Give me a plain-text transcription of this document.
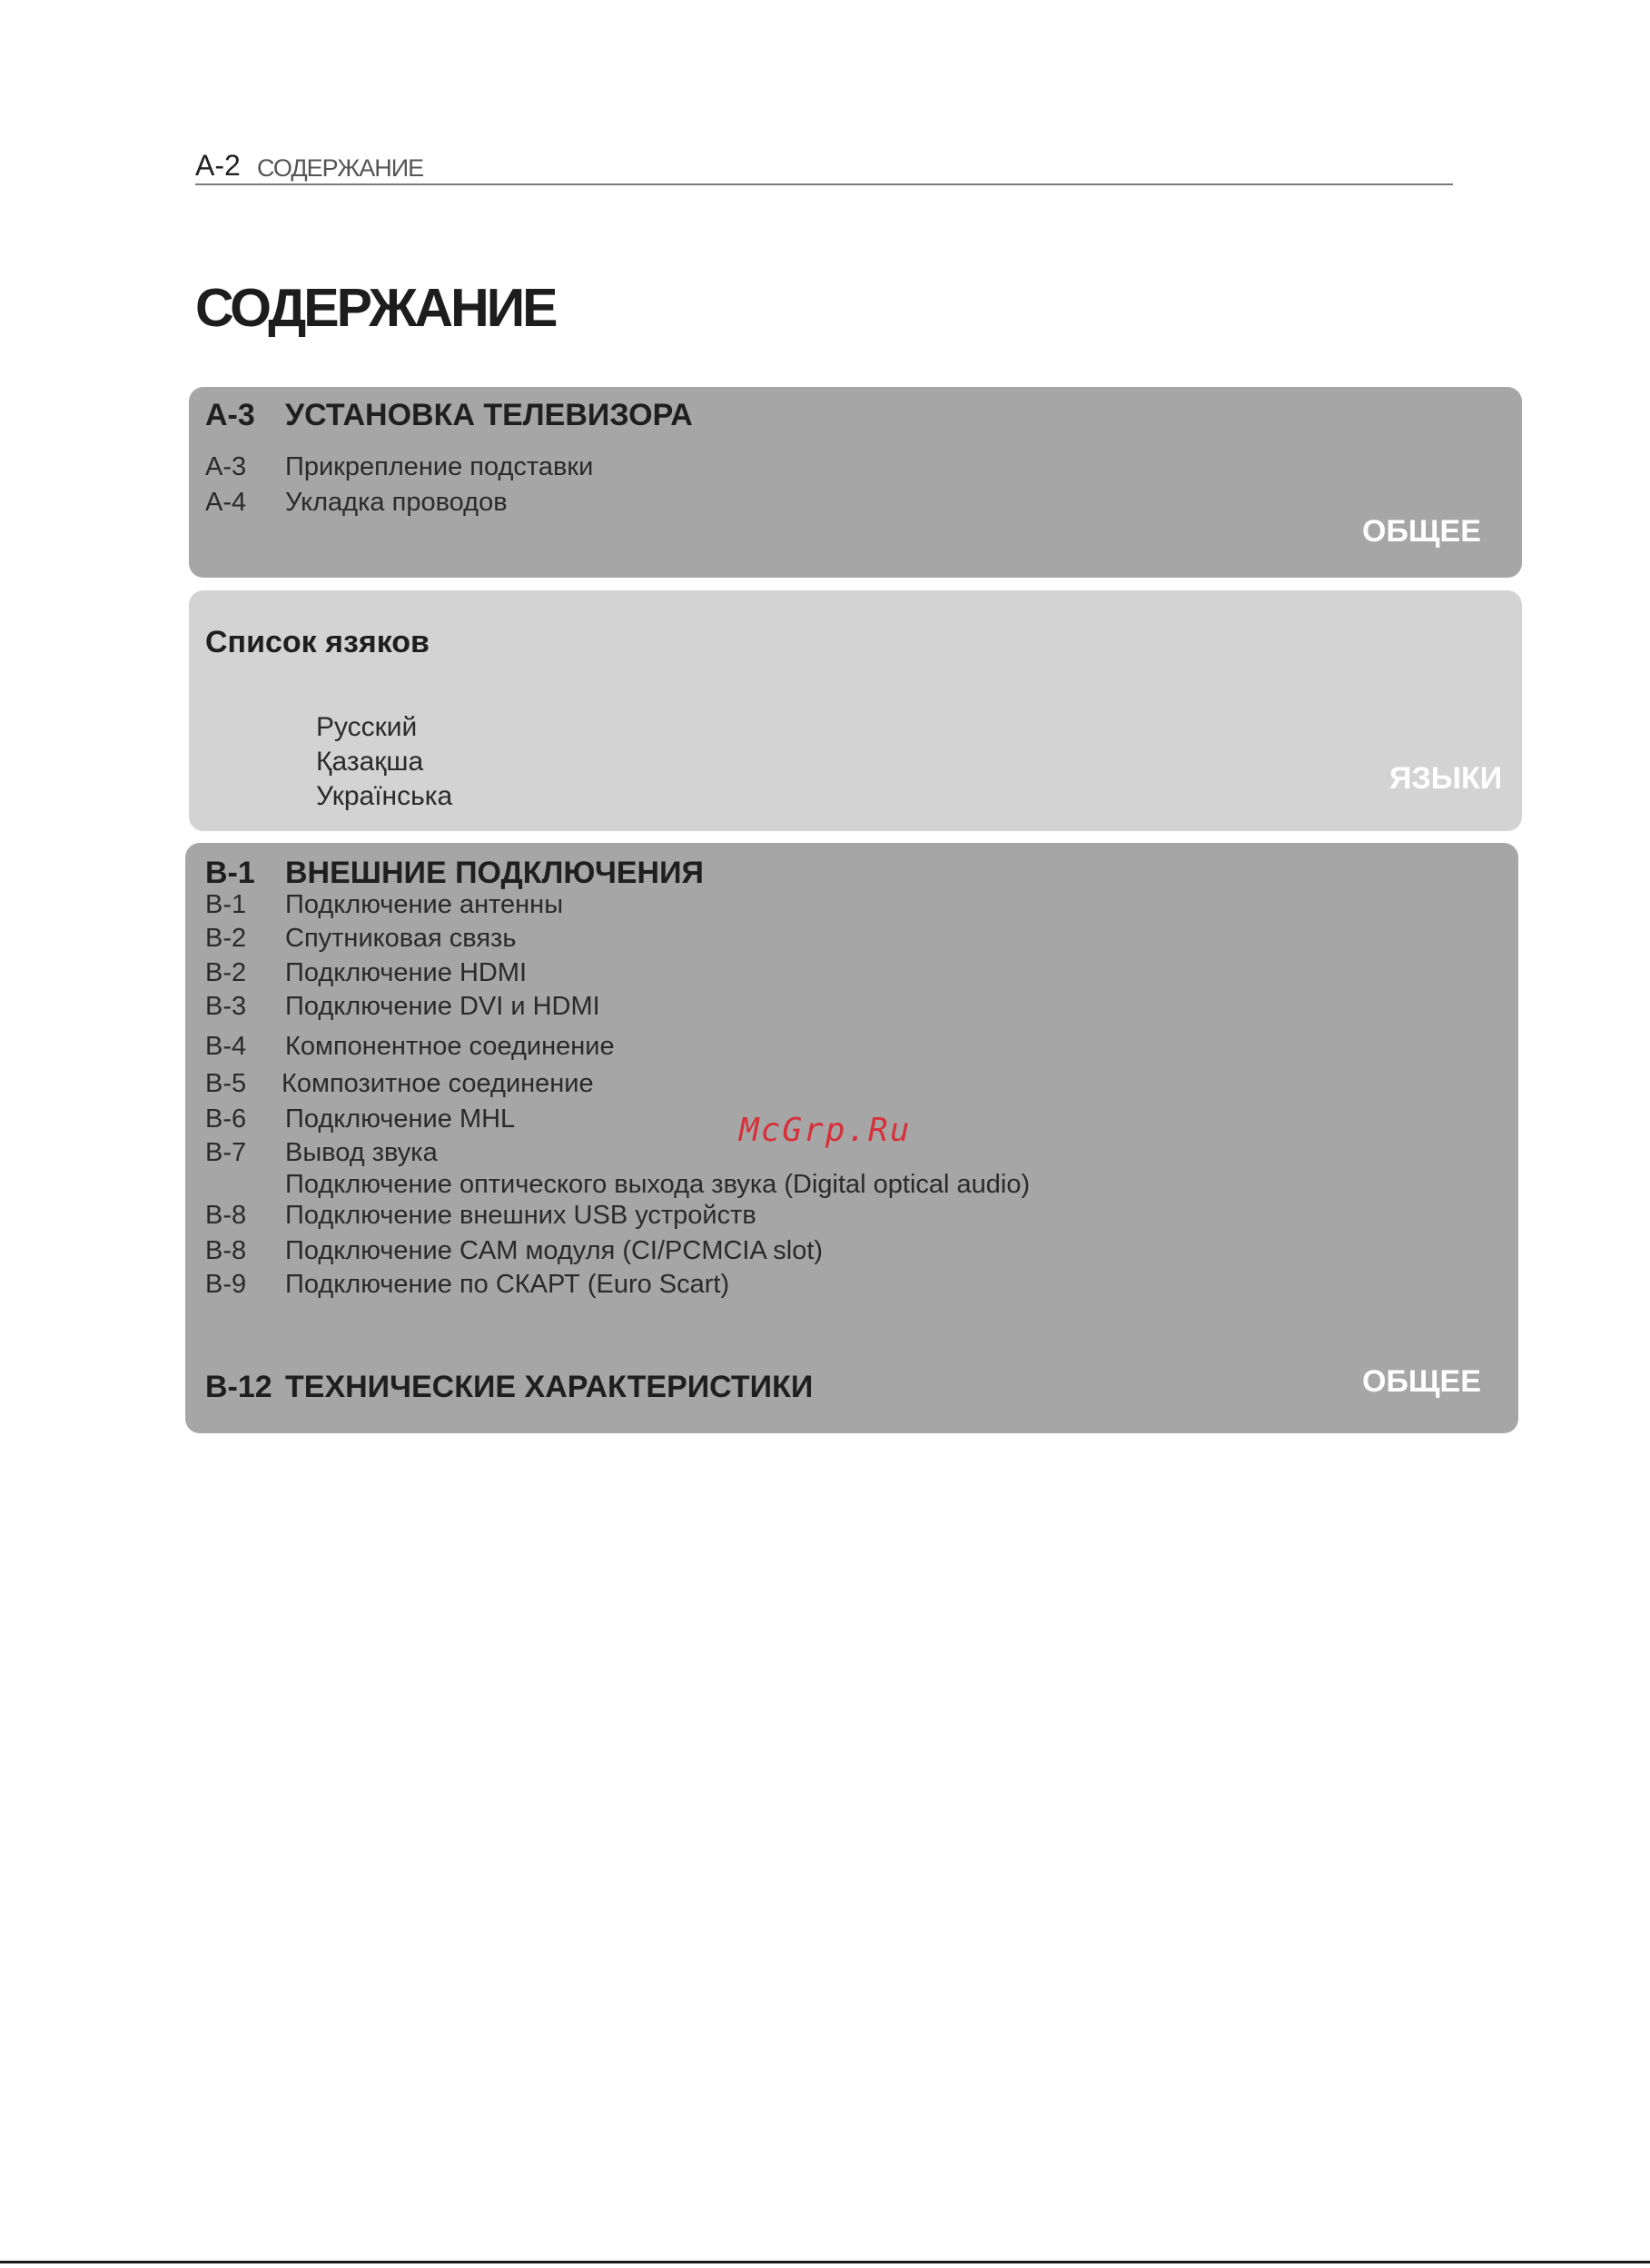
A-2 СОДЕРЖАНИЕ
СОДЕРЖАНИЕ
A-3 УСТАНОВКА ТЕЛЕВИЗОРА
A-3 Прикрепление подставки
A-4 Укладка проводов
ОБЩЕЕ
Список язяков
Русский
Қазақша
Українська
ЯЗЫКИ
B-1 ВНЕШНИЕ ПОДКЛЮЧЕНИЯ
B-1 Подключение антенны
B-2 Спутниковая связь
B-2 Подключение HDMI
B-3 Подключение DVI и HDMI
B-4 Компонентное соединение
B-5 Композитное соединение
B-6 Подключение MHL
B-7 Вывод звука
Подключение оптического выхода звука (Digital optical audio)
B-8 Подключение внешних USB устройств
B-8 Подключение CAM модуля (CI/PCMCIA slot)
B-9 Подключение по СКАРТ (Euro Scart)
B-12 ТЕХНИЧЕСКИЕ ХАРАКТЕРИСТИКИ	ОБЩЕЕ
McGrp.Ru
